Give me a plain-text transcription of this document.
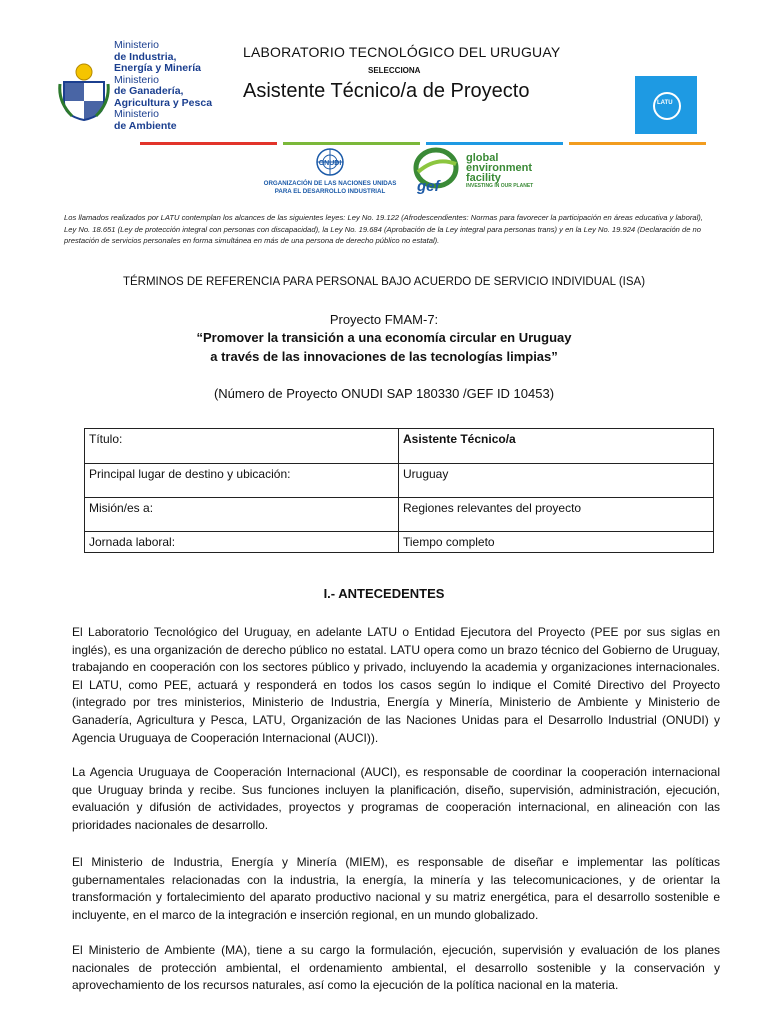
Ministerio
de Industria,
Energía y Minería
Ministerio
de Ganadería,
Agricultura y Pesca
Ministerio
de Ambiente
LABORATORIO TECNOLÓGICO DEL URUGUAY
SELECCIONA
Asistente Técnico/a de Proyecto
LATU
ONUDI
ORGANIZACIÓN DE LAS NACIONES UNIDAS
PARA EL DESARROLLO INDUSTRIAL	gef
global
environment
facility
INVESTING IN OUR PLANET
Los llamados realizados por LATU contemplan los alcances de las siguientes leyes: Ley No. 19.122 (Afrodescendientes: Normas para favorecer la participación en áreas educativa y laboral), Ley No. 18.651 (Ley de protección integral con personas con discapacidad), la Ley No. 19.684 (Aprobación de la Ley integral para personas trans) y en la Ley No. 19.924 (Declaración de no prestación de servicios personales en forma simultánea en más de una persona de derecho público no estatal).
TÉRMINOS DE REFERENCIA PARA PERSONAL BAJO ACUERDO DE SERVICIO INDIVIDUAL (ISA)
Proyecto FMAM-7:
“Promover la transición a una economía circular en Uruguay
a través de las innovaciones de las tecnologías limpias”
(Número de Proyecto ONUDI SAP 180330 /GEF ID 10453)
Título:	Asistente Técnico/a
Principal lugar de destino y ubicación:	Uruguay
Misión/es a:	Regiones relevantes del proyecto
Jornada laboral:	Tiempo completo
I.- ANTECEDENTES
El Laboratorio Tecnológico del Uruguay, en adelante LATU o Entidad Ejecutora del Proyecto (PEE por sus siglas en inglés), es una organización de derecho público no estatal. LATU opera como un brazo técnico del Gobierno de Uruguay, trabajando en cooperación con los sectores público y privado, incluyendo la academia y organizaciones internacionales. El LATU, como PEE, actuará y responderá en todos los casos según lo indique el Comité Directivo del Proyecto (integrado por tres ministerios, Ministerio de Industria, Energía y Minería, Ministerio de Ambiente y Ministerio de Ganadería, Agricultura y Pesca, LATU, Organización de las Naciones Unidas para el Desarrollo Industrial (ONUDI) y Agencia Uruguaya de Cooperación Internacional (AUCI)).
La Agencia Uruguaya de Cooperación Internacional (AUCI), es responsable de coordinar la cooperación internacional que Uruguay brinda y recibe. Sus funciones incluyen la planificación, diseño, supervisión, administración, ejecución, evaluación y difusión de actividades, proyectos y programas de cooperación internacional, en alineación con las prioridades nacionales de desarrollo.
El Ministerio de Industria, Energía y Minería (MIEM), es responsable de diseñar e implementar las políticas gubernamentales relacionadas con la industria, la energía, la minería y las telecomunicaciones, y de orientar la transformación y fortalecimiento del aparato productivo nacional y su matriz energética, para el desarrollo sostenible e incluyente, en el marco de la integración e inserción regional, en un mundo globalizado.
El Ministerio de Ambiente (MA), tiene a su cargo la formulación, ejecución, supervisión y evaluación de los planes nacionales de protección ambiental, el ordenamiento ambiental, el desarrollo sostenible y la conservación y aprovechamiento de los recursos naturales, así como la ejecución de la política nacional en la materia.
